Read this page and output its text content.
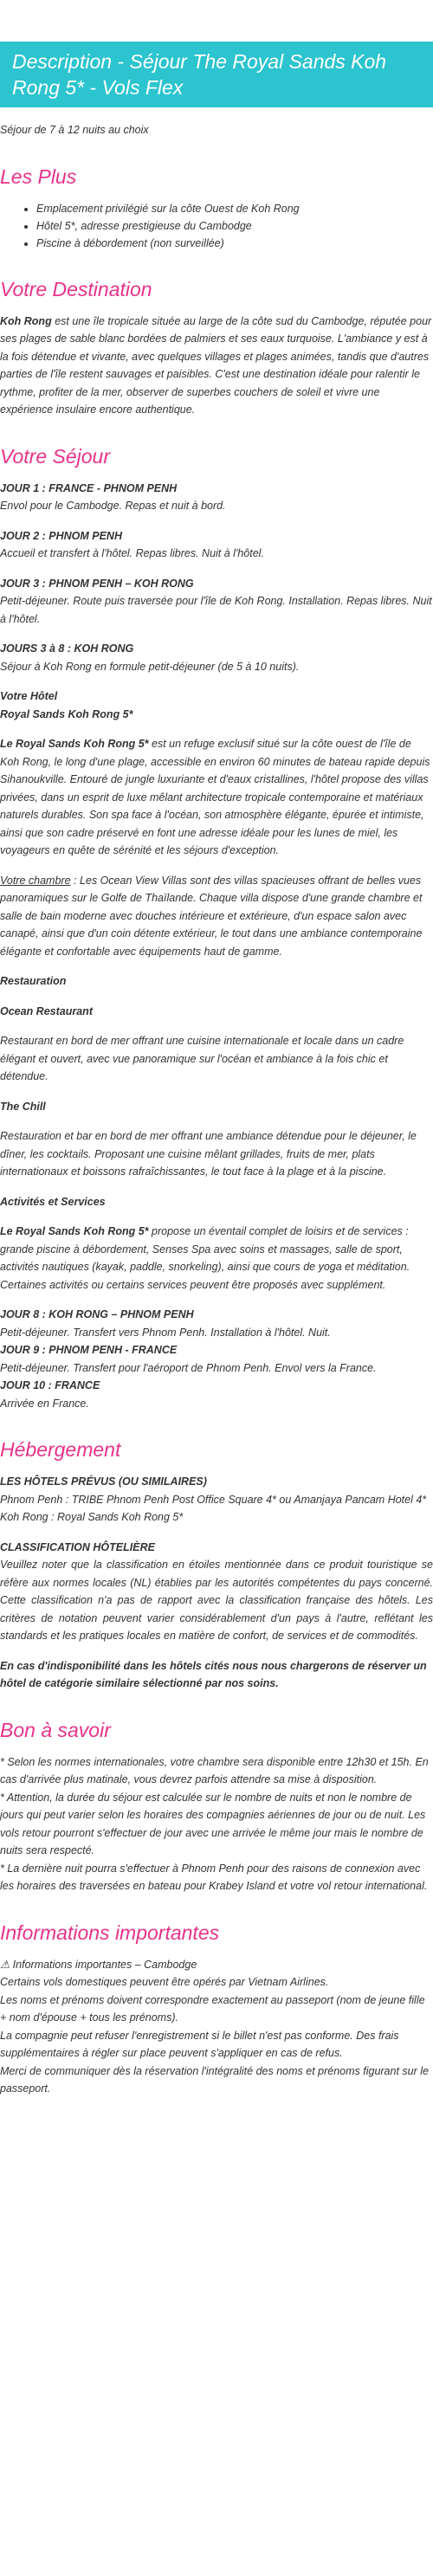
Description - Séjour The Royal Sands Koh Rong 5* - Vols Flex

Séjour de 7 à 12 nuits au choix

Les Plus
• Emplacement privilégié sur la côte Ouest de Koh Rong
• Hôtel 5*, adresse prestigieuse du Cambodge
• Piscine à débordement (non surveillée)
Votre Destination

Koh Rong est une île tropicale située au large de la côte sud du Cambodge, réputée pour ses plages de sable blanc bordées de palmiers et ses eaux turquoise. L'ambiance y est à la fois détendue et vivante, avec quelques villages et plages animées, tandis que d'autres parties de l'île restent sauvages et paisibles. C'est une destination idéale pour ralentir le rythme, profiter de la mer, observer de superbes couchers de soleil et vivre une expérience insulaire encore authentique.

Votre Séjour

JOUR 1 : FRANCE - PHNOM PENH

Envol pour le Cambodge. Repas et nuit à bord.

JOUR 2 : PHNOM PENH

Accueil et transfert à l'hôtel. Repas libres. Nuit à l'hôtel.

JOUR 3 : PHNOM PENH – KOH RONG

Petit-déjeuner. Route puis traversée pour l'île de Koh Rong. Installation. Repas libres. Nuit à l'hôtel.

JOURS 3 à 8 : KOH RONG

Séjour à Koh Rong en formule petit-déjeuner (de 5 à 10 nuits).

Votre Hôtel

Royal Sands Koh Rong 5*

Le Royal Sands Koh Rong 5* est un refuge exclusif situé sur la côte ouest de l'île de Koh Rong, le long d'une plage, accessible en environ 60 minutes de bateau rapide depuis Sihanoukville. Entouré de jungle luxuriante et d'eaux cristallines, l'hôtel propose des villas privées, dans un esprit de luxe mêlant architecture tropicale contemporaine et matériaux naturels durables. Son spa face à l'océan, son atmosphère élégante, épurée et intimiste, ainsi que son cadre préservé en font une adresse idéale pour les lunes de miel, les voyageurs en quête de sérénité et les séjours d'exception.

Votre chambre : Les Ocean View Villas sont des villas spacieuses offrant de belles vues panoramiques sur le Golfe de Thaïlande. Chaque villa dispose d'une grande chambre et salle de bain moderne avec douches intérieure et extérieure, d'un espace salon avec canapé, ainsi que d'un coin détente extérieur, le tout dans une ambiance contemporaine élégante et confortable avec équipements haut de gamme.

Restauration

Ocean Restaurant

Restaurant en bord de mer offrant une cuisine internationale et locale dans un cadre élégant et ouvert, avec vue panoramique sur l'océan et ambiance à la fois chic et détendue.

The Chill

Restauration et bar en bord de mer offrant une ambiance détendue pour le déjeuner, le dîner, les cocktails. Proposant une cuisine mêlant grillades, fruits de mer, plats internationaux et boissons rafraîchissantes, le tout face à la plage et à la piscine.

Activités et Services

Le Royal Sands Koh Rong 5* propose un éventail complet de loisirs et de services : grande piscine à débordement, Senses Spa avec soins et massages, salle de sport, activités nautiques (kayak, paddle, snorkeling), ainsi que cours de yoga et méditation.

Certaines activités ou certains services peuvent être proposés avec supplément.

JOUR 8 : KOH RONG – PHNOM PENH

Petit-déjeuner. Transfert vers Phnom Penh. Installation à l'hôtel. Nuit.

JOUR 9 : PHNOM PENH - FRANCE

Petit-déjeuner. Transfert pour l'aéroport de Phnom Penh. Envol vers la France.

JOUR 10 : FRANCE

Arrivée en France.

Hébergement

LES HÔTELS PRÉVUS (OU SIMILAIRES)

Phnom Penh : TRIBE Phnom Penh Post Office Square 4* ou Amanjaya Pancam Hotel 4*

Koh Rong : Royal Sands Koh Rong 5*

CLASSIFICATION HÔTELIÈRE

Veuillez noter que la classification en étoiles mentionnée dans ce produit touristique se réfère aux normes locales (NL) établies par les autorités compétentes du pays concerné. Cette classification n'a pas de rapport avec la classification française des hôtels. Les critères de notation peuvent varier considérablement d'un pays à l'autre, reflétant les standards et les pratiques locales en matière de confort, de services et de commodités.

En cas d'indisponibilité dans les hôtels cités nous nous chargerons de réserver un hôtel de catégorie similaire sélectionné par nos soins.

Bon à savoir

* Selon les normes internationales, votre chambre sera disponible entre 12h30 et 15h. En cas d'arrivée plus matinale, vous devrez parfois attendre sa mise à disposition.

* Attention, la durée du séjour est calculée sur le nombre de nuits et non le nombre de jours qui peut varier selon les horaires des compagnies aériennes de jour ou de nuit. Les vols retour pourront s'effectuer de jour avec une arrivée le même jour mais le nombre de nuits sera respecté.

* La dernière nuit pourra s'effectuer à Phnom Penh pour des raisons de connexion avec les horaires des traversées en bateau pour Krabey Island et votre vol retour international.

Informations importantes

⚠ Informations importantes – Cambodge

Certains vols domestiques peuvent être opérés par Vietnam Airlines.

Les noms et prénoms doivent correspondre exactement au passeport (nom de jeune fille + nom d'épouse + tous les prénoms).

La compagnie peut refuser l'enregistrement si le billet n'est pas conforme. Des frais supplémentaires à régler sur place peuvent s'appliquer en cas de refus.

Merci de communiquer dès la réservation l'intégralité des noms et prénoms figurant sur le passeport.
